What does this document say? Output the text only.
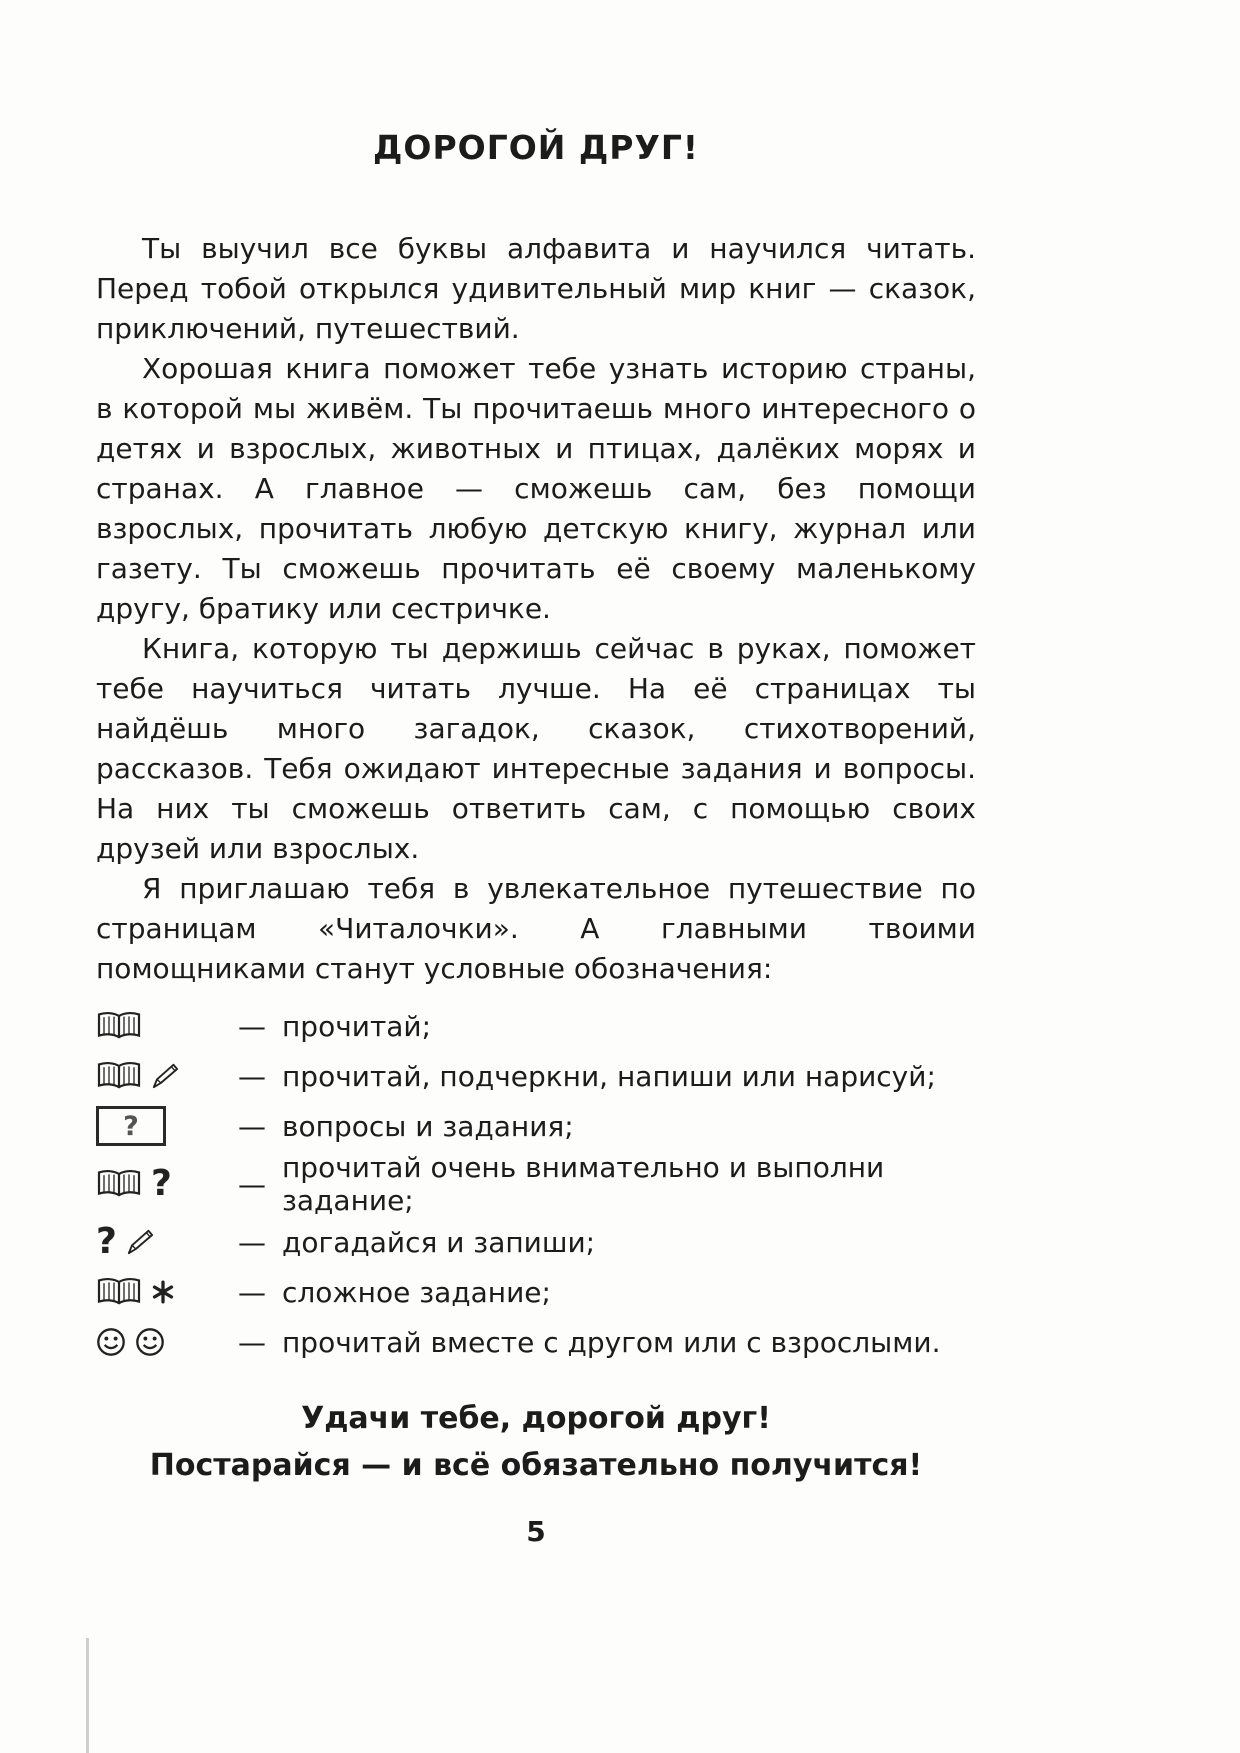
ДОРОГОЙ ДРУГ!

Ты выучил все буквы алфавита и научился читать. Перед тобой открылся удивительный мир книг — сказок, приключений, путешествий.

Хорошая книга поможет тебе узнать историю страны, в которой мы живём. Ты прочитаешь много интересного о детях и взрослых, животных и птицах, далёких морях и странах. А главное — сможешь сам, без помощи взрослых, прочитать любую детскую книгу, журнал или газету. Ты сможешь прочитать её своему маленькому другу, братику или сестричке.

Книга, которую ты держишь сейчас в руках, поможет тебе научиться читать лучше. На её страницах ты найдёшь много загадок, сказок, стихотворений, рассказов. Тебя ожидают интересные задания и вопросы. На них ты сможешь ответить сам, с помощью своих друзей или взрослых.

Я приглашаю тебя в увлекательное путешествие по страницам «Читалочки». А главными твоими помощниками станут условные обозначения:

— прочитай;
— прочитай, подчеркни, напиши или нарисуй;
?	— вопросы и задания;
? — прочитай очень внимательно и выполни задание;
?	— догадайся и запиши;
— сложное задание;
— прочитай вместе с другом или с взрослыми.
Удачи тебе, дорогой друг!
Постарайся — и всё обязательно получится!
5
